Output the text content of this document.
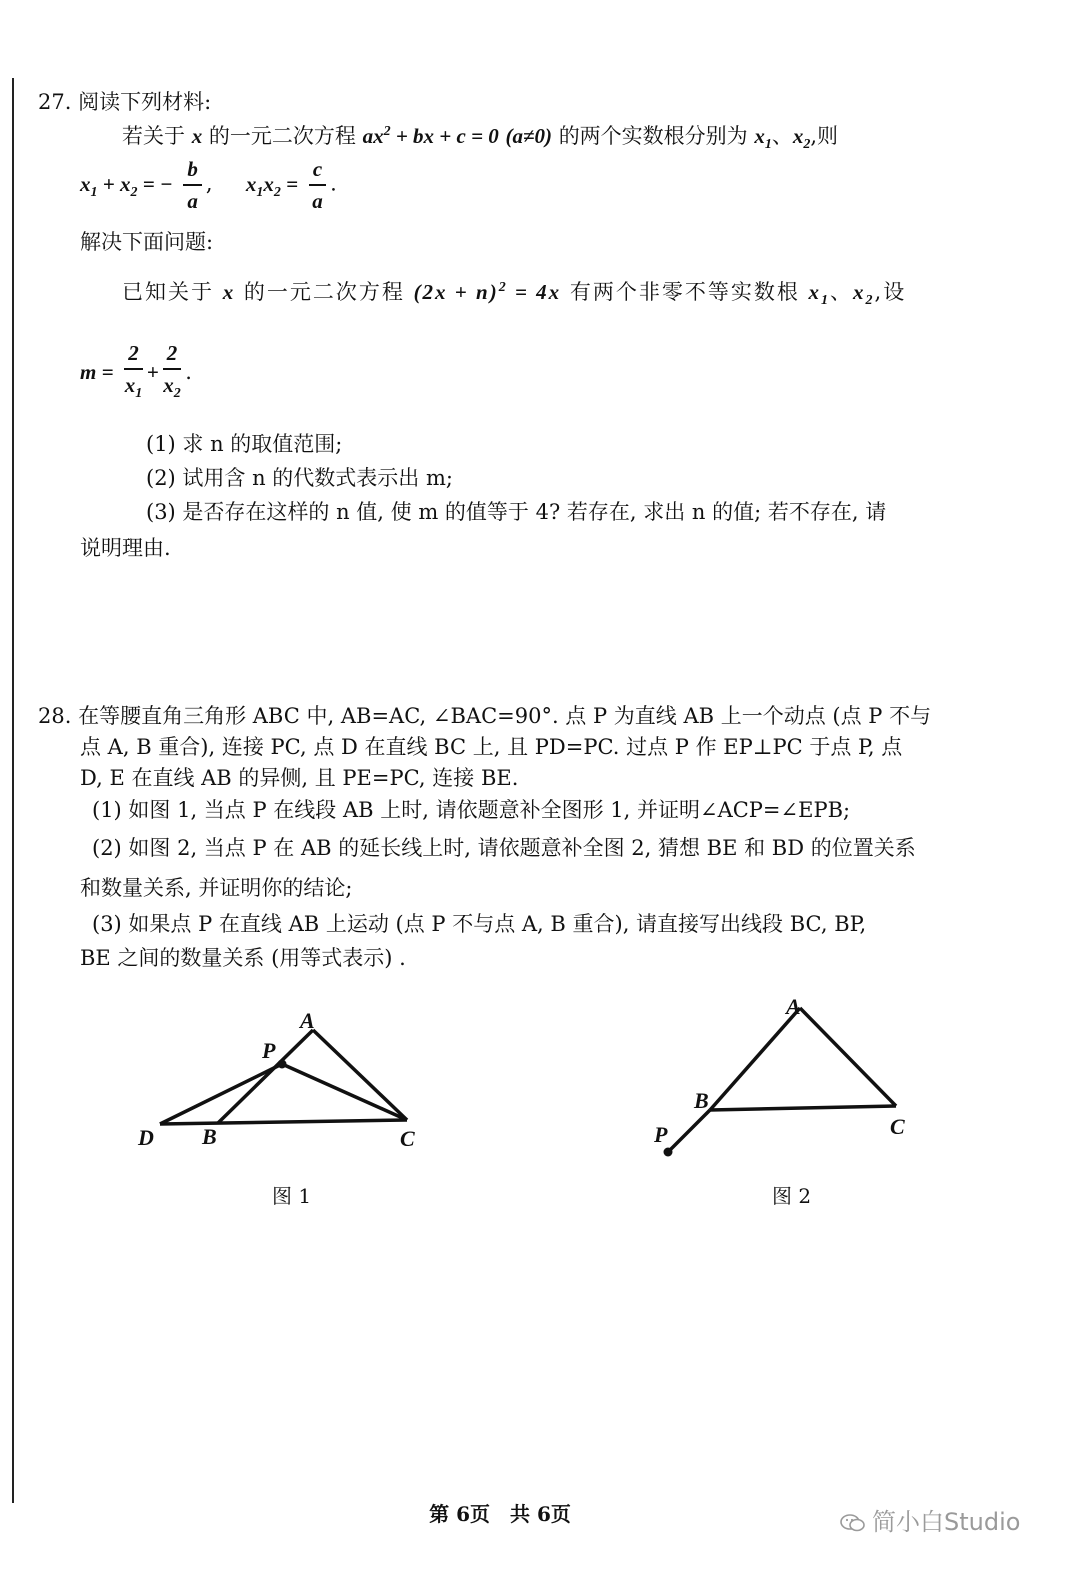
27. 阅读下列材料:
若关于 x 的一元二次方程 $ax^2$ + bx + c = 0 (a≠0) 的两个实数根分别为 $x_1$、$x_2$,则
$x_1 + x_2$ = − $\frac{b}{a}$ ,     $x_1x_2 = \frac{c}{a}$ .
解决下面问题:
已知关于 x 的一元二次方程 $(2x + n)^2 = 4x$ 有两个非零不等实数根 $x_1$、$x_2$,设
$m = \frac{2}{x_1} + \frac{2}{x_2}$ .
(1) 求 n 的取值范围;
(2) 试用含 n 的代数式表示出 m;
(3) 是否存在这样的 n 值, 使 m 的值等于 4? 若存在, 求出 n 的值; 若不存在, 请
说明理由.
28. 在等腰直角三角形 ABC 中, AB=AC, ∠BAC=90°. 点 P 为直线 AB 上一个动点 (点 P 不与
点 A, B 重合), 连接 PC, 点 D 在直线 BC 上, 且 PD=PC. 过点 P 作 EP⊥PC 于点 P, 点
D, E 在直线 AB 的异侧, 且 PE=PC, 连接 BE.
(1) 如图 1, 当点 P 在线段 AB 上时, 请依题意补全图形 1, 并证明∠ACP=∠EPB;
(2) 如图 2, 当点 P 在 AB 的延长线上时, 请依题意补全图 2, 猜想 BE 和 BD 的位置关系
和数量关系, 并证明你的结论;
(3) 如果点 P 在直线 AB 上运动 (点 P 不与点 A, B 重合), 请直接写出线段 BC, BP,
BE 之间的数量关系 (用等式表示) .
A
P
D B	C
图 1
A
B
C
P
图 2
第 6页　共 6页	简小白Studio
